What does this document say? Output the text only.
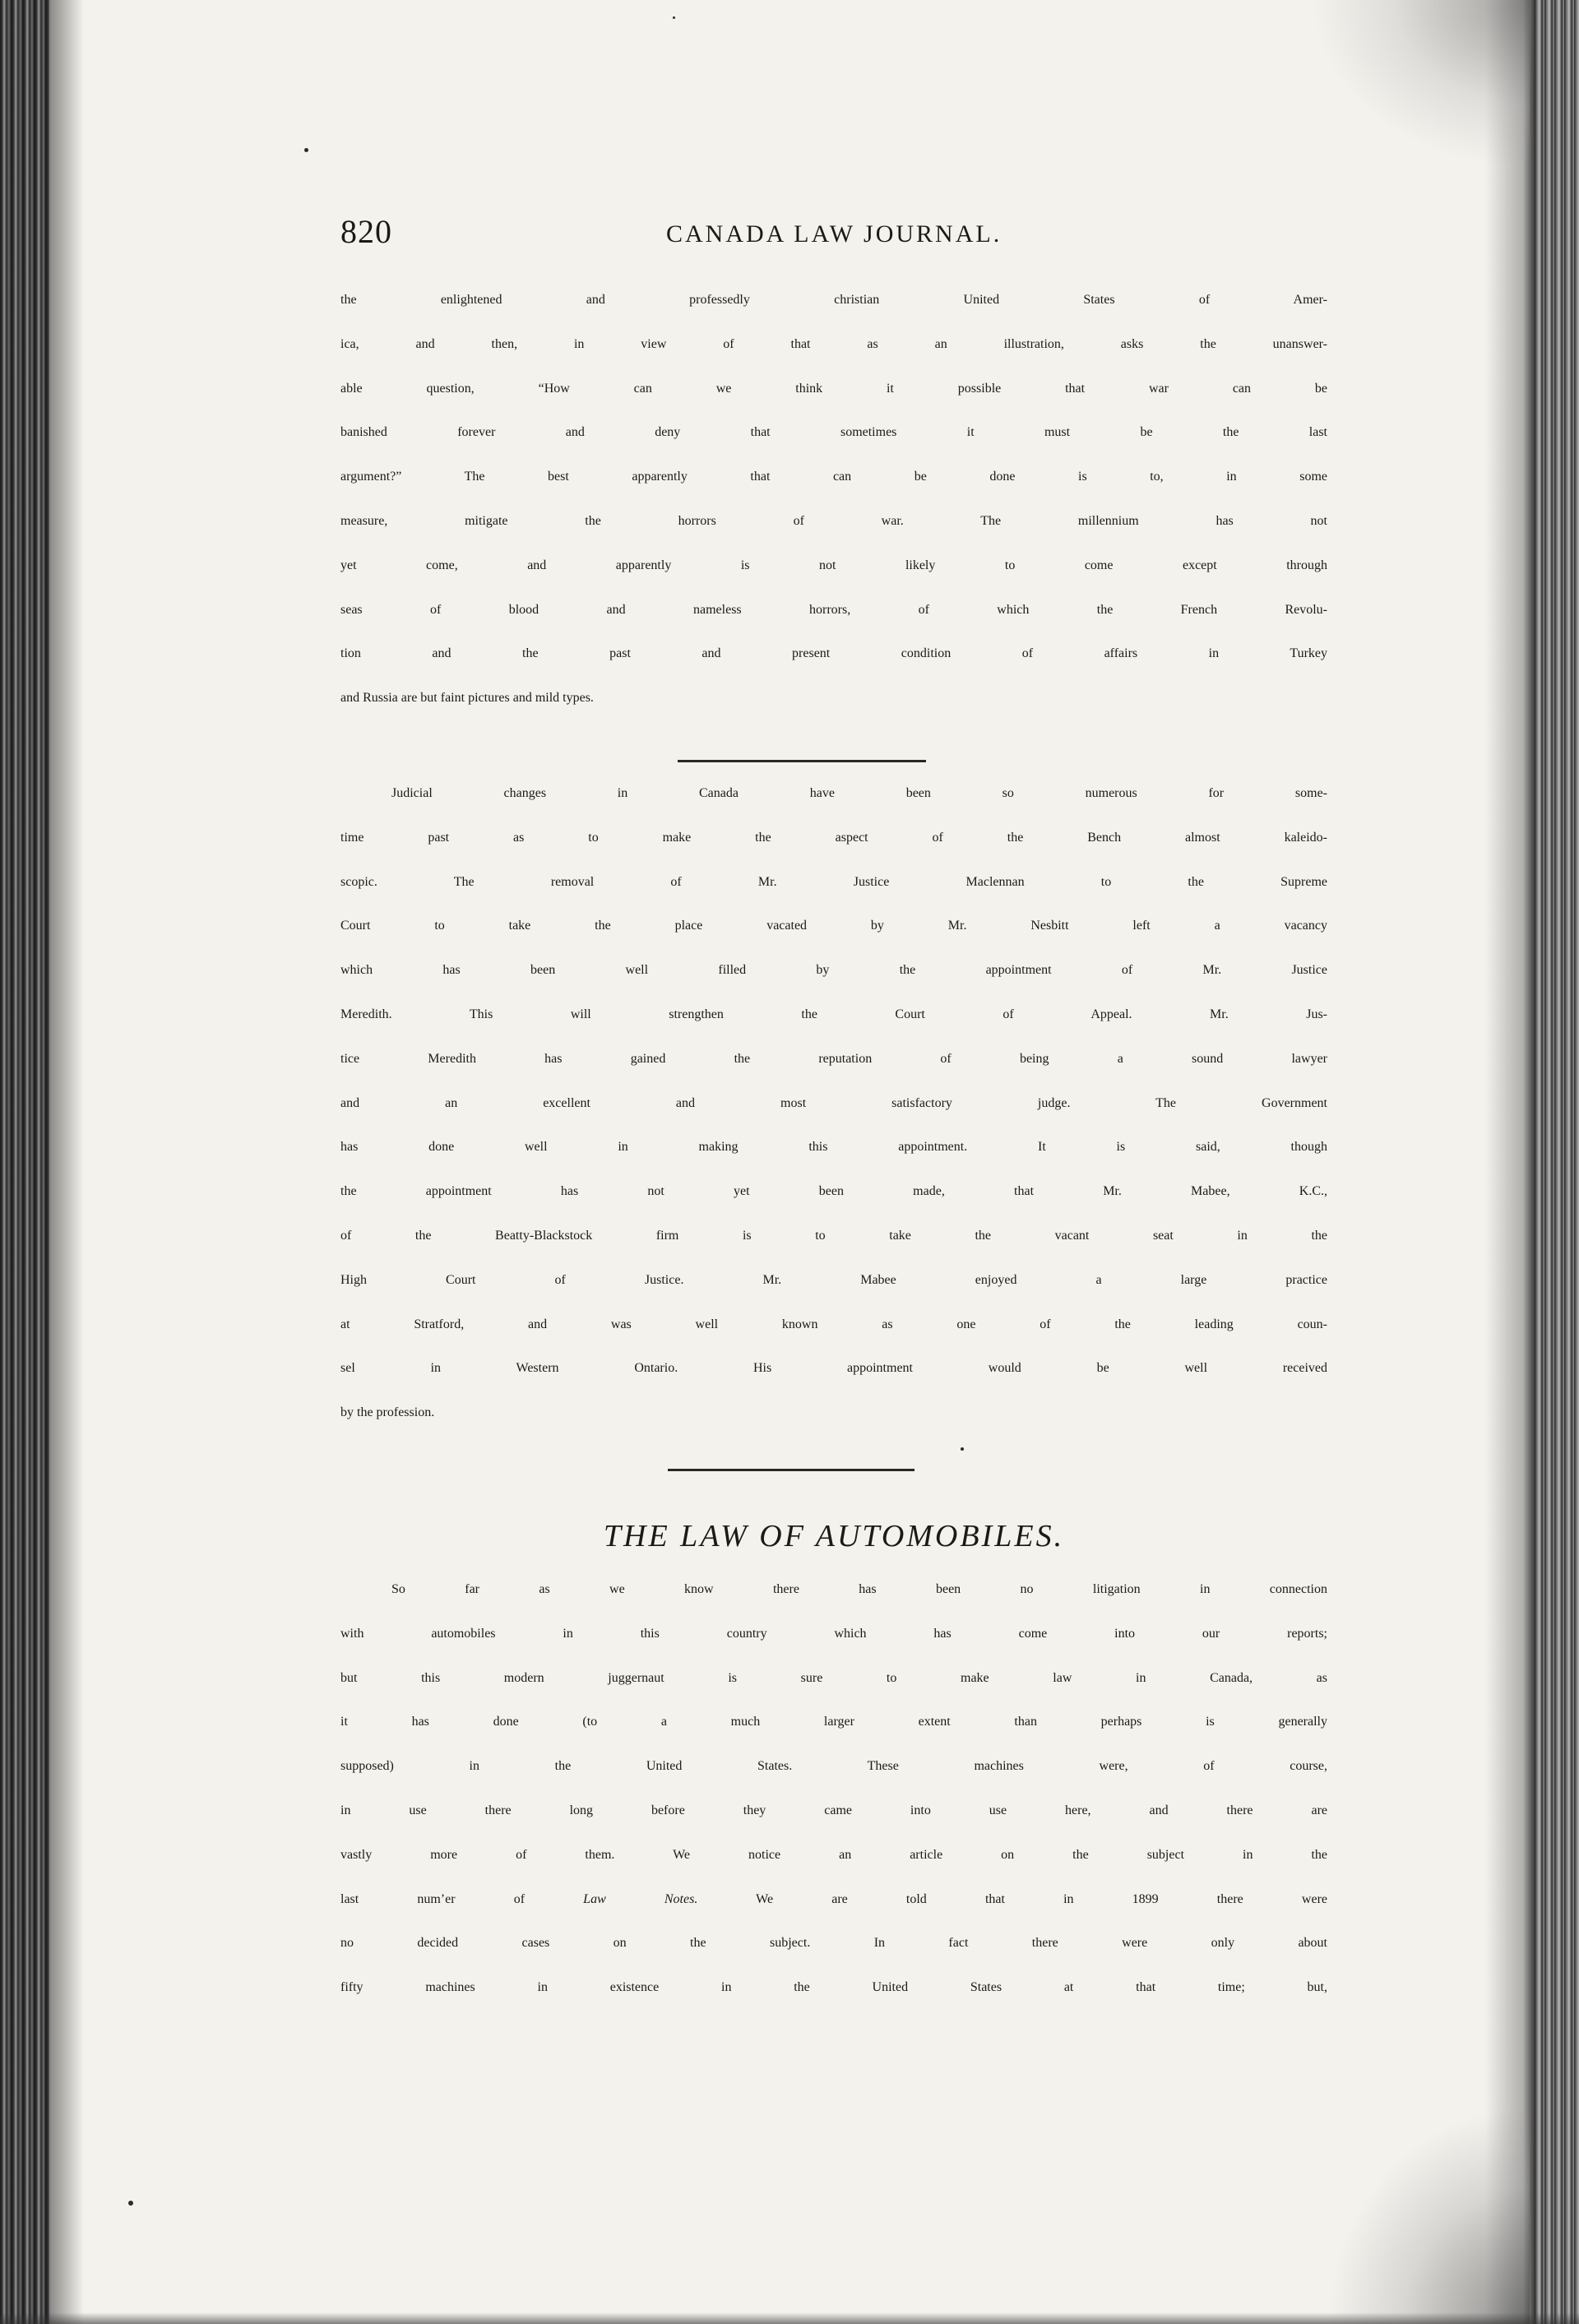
820	CANADA LAW JOURNAL.
the enlightened and professedly christian United States of Amer-
ica, and then, in view of that as an illustration, asks the unanswer-
able question, “How can we think it possible that war can be
banished forever and deny that sometimes it must be the last
argument?” The best apparently that can be done is to, in some
measure, mitigate the horrors of war. The millennium has not
yet come, and apparently is not likely to come except through
seas of blood and nameless horrors, of which the French Revolu-
tion and the past and present condition of affairs in Turkey
and Russia are but faint pictures and mild types.
Judicial changes in Canada have been so numerous for some-
time past as to make the aspect of the Bench almost kaleido-
scopic. The removal of Mr. Justice Maclennan to the Supreme
Court to take the place vacated by Mr. Nesbitt left a vacancy
which has been well filled by the appointment of Mr. Justice
Meredith. This will strengthen the Court of Appeal. Mr. Jus-
tice Meredith has gained the reputation of being a sound lawyer
and an excellent and most satisfactory judge. The Government
has done well in making this appointment. It is said, though
the appointment has not yet been made, that Mr. Mabee, K.C.,
of the Beatty-Blackstock firm is to take the vacant seat in the
High Court of Justice. Mr. Mabee enjoyed a large practice
at Stratford, and was well known as one of the leading coun-
sel in Western Ontario. His appointment would be well received
by the profession.
THE LAW OF AUTOMOBILES.
So far as we know there has been no litigation in connection
with automobiles in this country which has come into our reports;
but this modern juggernaut is sure to make law in Canada, as
it has done (to a much larger extent than perhaps is generally
supposed) in the United States. These machines were, of course,
in use there long before they came into use here, and there are
vastly more of them. We notice an article on the subject in the
last num’er of Law Notes. We are told that in 1899 there were
no decided cases on the subject. In fact there were only about
fifty machines in existence in the United States at that time; but,
